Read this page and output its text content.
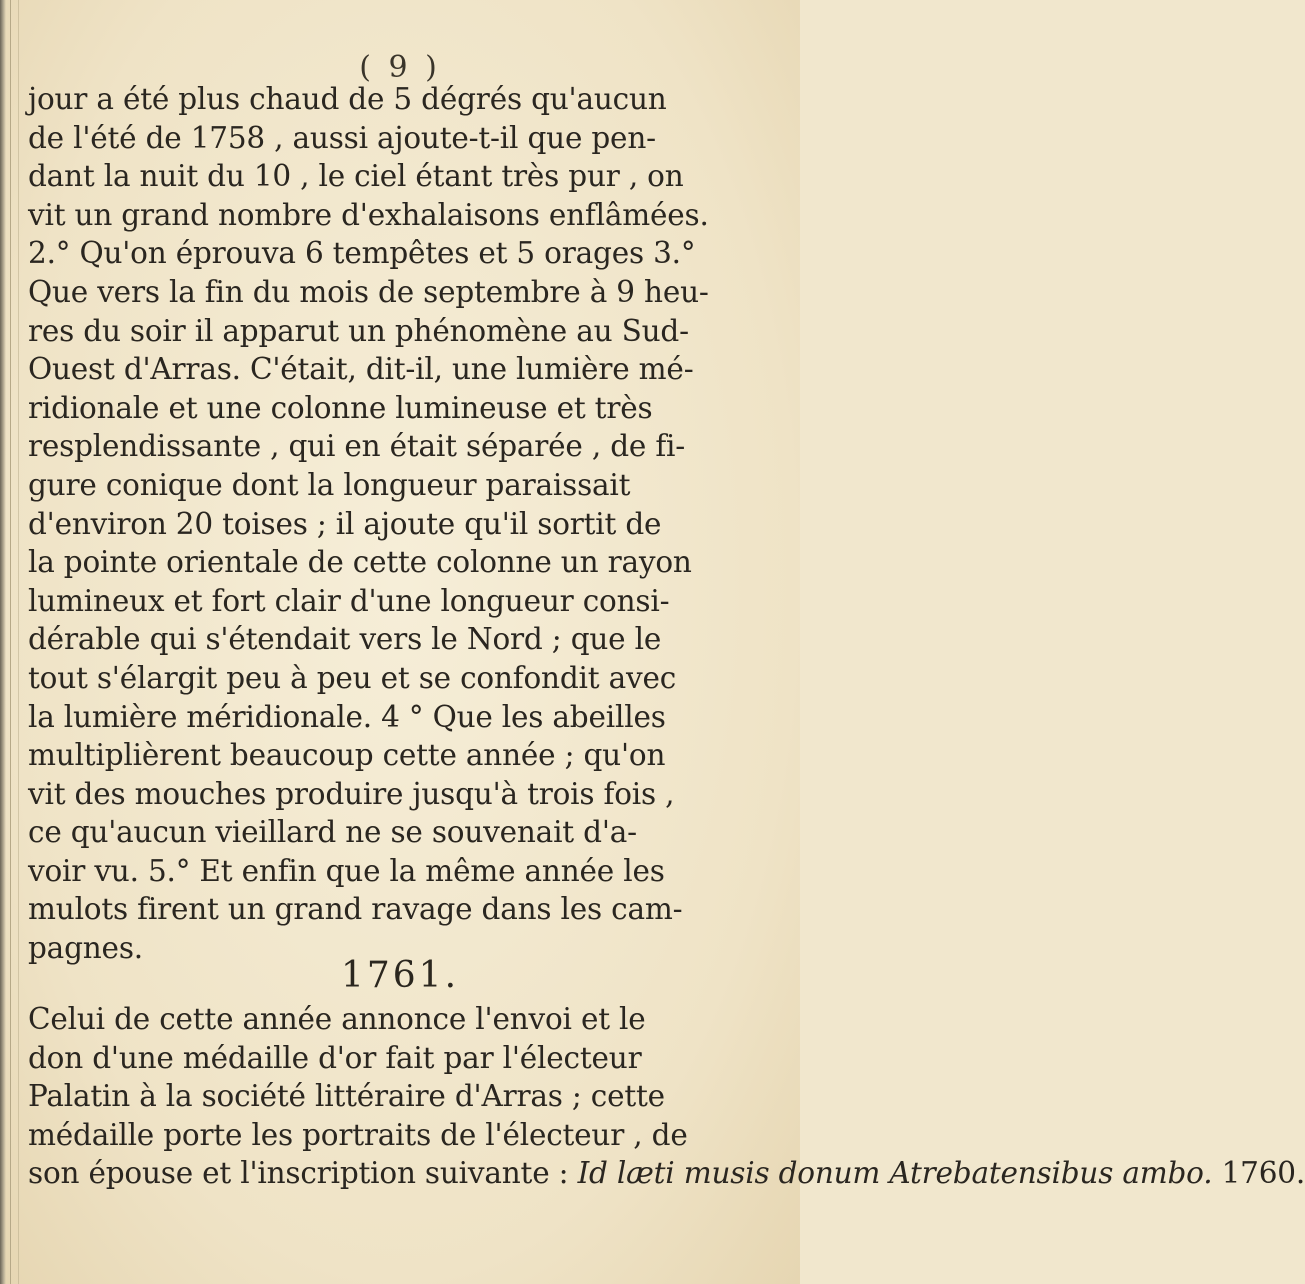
( 9 )
jour a été plus chaud de 5 dégrés qu'aucun
de l'été de 1758 , aussi ajoute-t-il que pen-
dant la nuit du 10 , le ciel étant très pur , on
vit un grand nombre d'exhalaisons enflâmées.
2.° Qu'on éprouva 6 tempêtes et 5 orages 3.°
Que vers la fin du mois de septembre à 9 heu-
res du soir il apparut un phénomène au Sud-
Ouest d'Arras. C'était, dit-il, une lumière mé-
ridionale et une colonne lumineuse et très
resplendissante , qui en était séparée , de fi-
gure conique dont la longueur paraissait
d'environ 20 toises ; il ajoute qu'il sortit de
la pointe orientale de cette colonne un rayon
lumineux et fort clair d'une longueur consi-
dérable qui s'étendait vers le Nord ; que le
tout s'élargit peu à peu et se confondit avec
la lumière méridionale. 4 ° Que les abeilles
multiplièrent beaucoup cette année ; qu'on
vit des mouches produire jusqu'à trois fois ,
ce qu'aucun vieillard ne se souvenait d'a-
voir vu. 5.° Et enfin que la même année les
mulots firent un grand ravage dans les cam-
pagnes.
1761.
Celui de cette année annonce l'envoi et le
don d'une médaille d'or fait par l'électeur
Palatin à la société littéraire d'Arras ; cette
médaille porte les portraits de l'électeur , de
son épouse et l'inscription suivante : Id læti musis donum Atrebatensibus ambo. 1760.
